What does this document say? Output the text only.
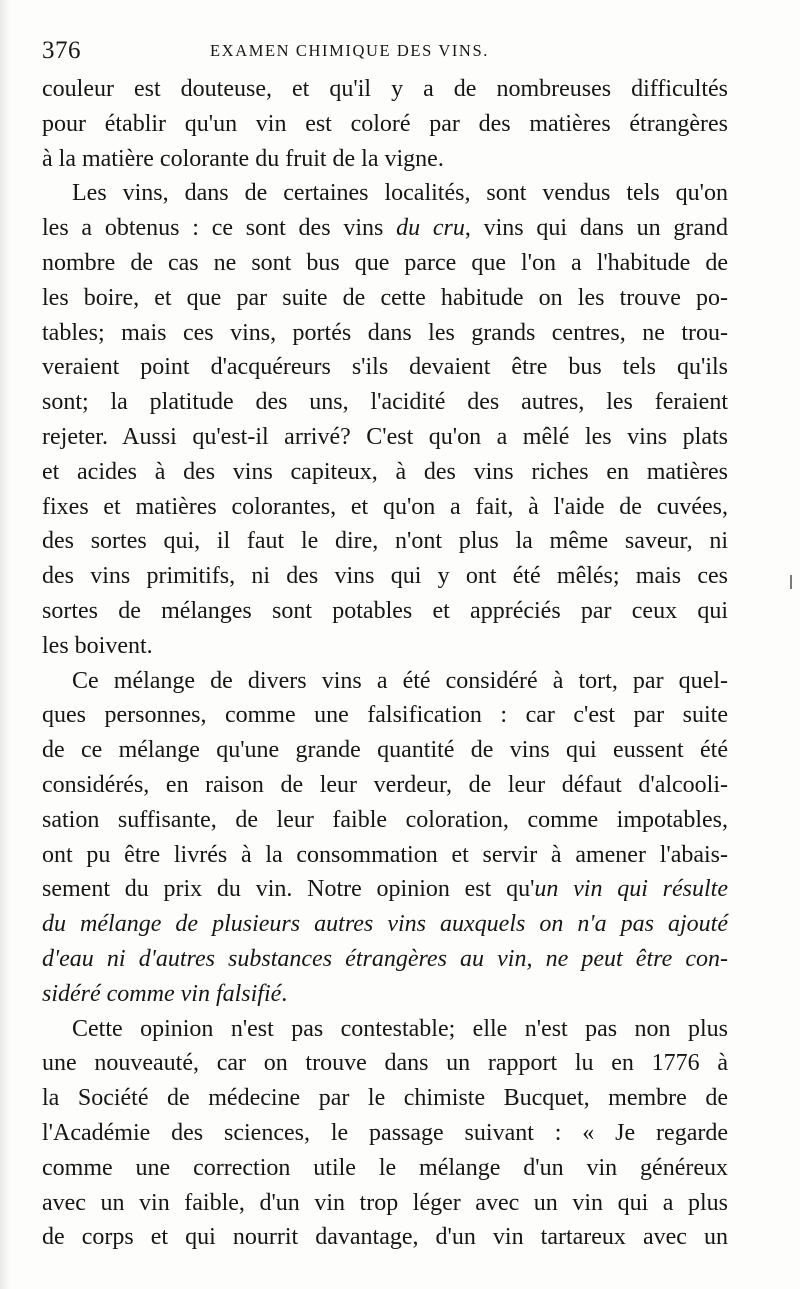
376	EXAMEN CHIMIQUE DES VINS.
couleur est douteuse, et qu'il y a de nombreuses difficultés
pour établir qu'un vin est coloré par des matières étrangères
à la matière colorante du fruit de la vigne.
Les vins, dans de certaines localités, sont vendus tels qu'on
les a obtenus : ce sont des vins du cru, vins qui dans un grand
nombre de cas ne sont bus que parce que l'on a l'habitude de
les boire, et que par suite de cette habitude on les trouve po-
tables; mais ces vins, portés dans les grands centres, ne trou-
veraient point d'acquéreurs s'ils devaient être bus tels qu'ils
sont; la platitude des uns, l'acidité des autres, les feraient
rejeter. Aussi qu'est-il arrivé? C'est qu'on a mêlé les vins plats
et acides à des vins capiteux, à des vins riches en matières
fixes et matières colorantes, et qu'on a fait, à l'aide de cuvées,
des sortes qui, il faut le dire, n'ont plus la même saveur, ni
des vins primitifs, ni des vins qui y ont été mêlés; mais ces
sortes de mélanges sont potables et appréciés par ceux qui
les boivent.
Ce mélange de divers vins a été considéré à tort, par quel-
ques personnes, comme une falsification : car c'est par suite
de ce mélange qu'une grande quantité de vins qui eussent été
considérés, en raison de leur verdeur, de leur défaut d'alcooli-
sation suffisante, de leur faible coloration, comme impotables,
ont pu être livrés à la consommation et servir à amener l'abais-
sement du prix du vin. Notre opinion est qu'un vin qui résulte
du mélange de plusieurs autres vins auxquels on n'a pas ajouté
d'eau ni d'autres substances étrangères au vin, ne peut être con-
sidéré comme vin falsifié.
Cette opinion n'est pas contestable; elle n'est pas non plus
une nouveauté, car on trouve dans un rapport lu en 1776 à
la Société de médecine par le chimiste Bucquet, membre de
l'Académie des sciences, le passage suivant : « Je regarde
comme une correction utile le mélange d'un vin généreux
avec un vin faible, d'un vin trop léger avec un vin qui a plus
de corps et qui nourrit davantage, d'un vin tartareux avec un
